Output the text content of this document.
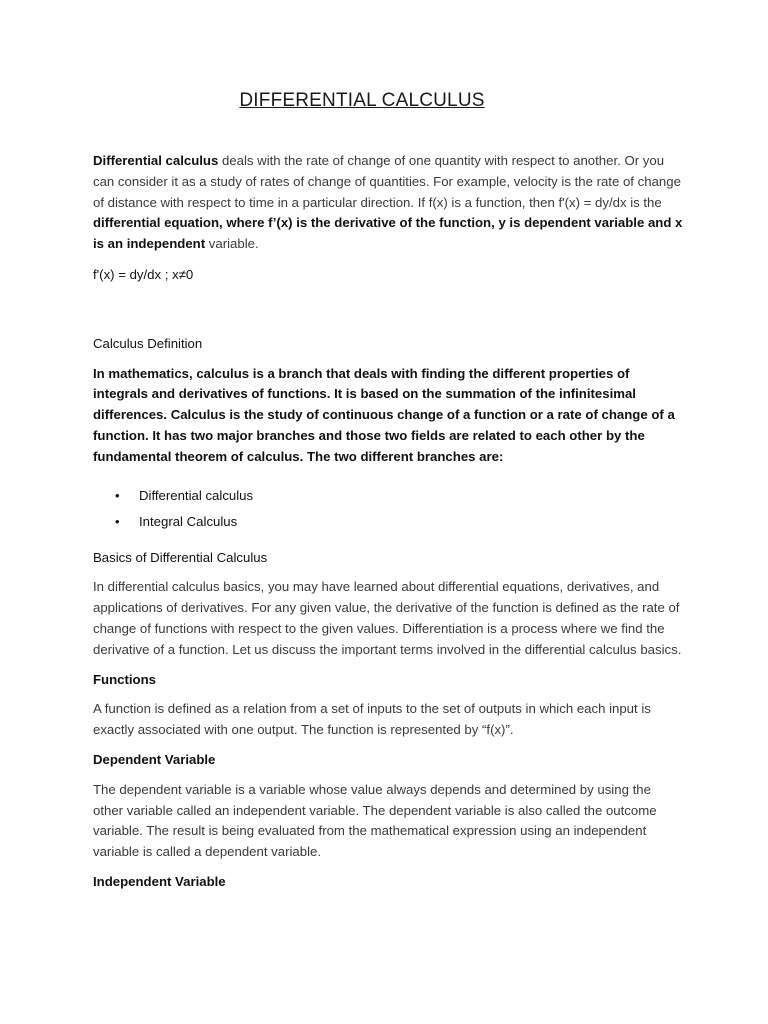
DIFFERENTIAL CALCULUS

Differential calculus deals with the rate of change of one quantity with respect to another. Or you can consider it as a study of rates of change of quantities. For example, velocity is the rate of change of distance with respect to time in a particular direction. If f(x) is a function, then f'(x) = dy/dx is the differential equation, where f’(x) is the derivative of the function, y is dependent variable and x is an independent variable.

f'(x) = dy/dx ; x≠0

Calculus Definition

In mathematics, calculus is a branch that deals with finding the different properties of integrals and derivatives of functions. It is based on the summation of the infinitesimal differences. Calculus is the study of continuous change of a function or a rate of change of a function. It has two major branches and those two fields are related to each other by the fundamental theorem of calculus. The two different branches are:

• Differential calculus
• Integral Calculus

Basics of Differential Calculus

In differential calculus basics, you may have learned about differential equations, derivatives, and applications of derivatives. For any given value, the derivative of the function is defined as the rate of change of functions with respect to the given values. Differentiation is a process where we find the derivative of a function. Let us discuss the important terms involved in the differential calculus basics.

Functions

A function is defined as a relation from a set of inputs to the set of outputs in which each input is exactly associated with one output. The function is represented by “f(x)”.

Dependent Variable

The dependent variable is a variable whose value always depends and determined by using the other variable called an independent variable. The dependent variable is also called the outcome variable. The result is being evaluated from the mathematical expression using an independent variable is called a dependent variable.

Independent Variable
